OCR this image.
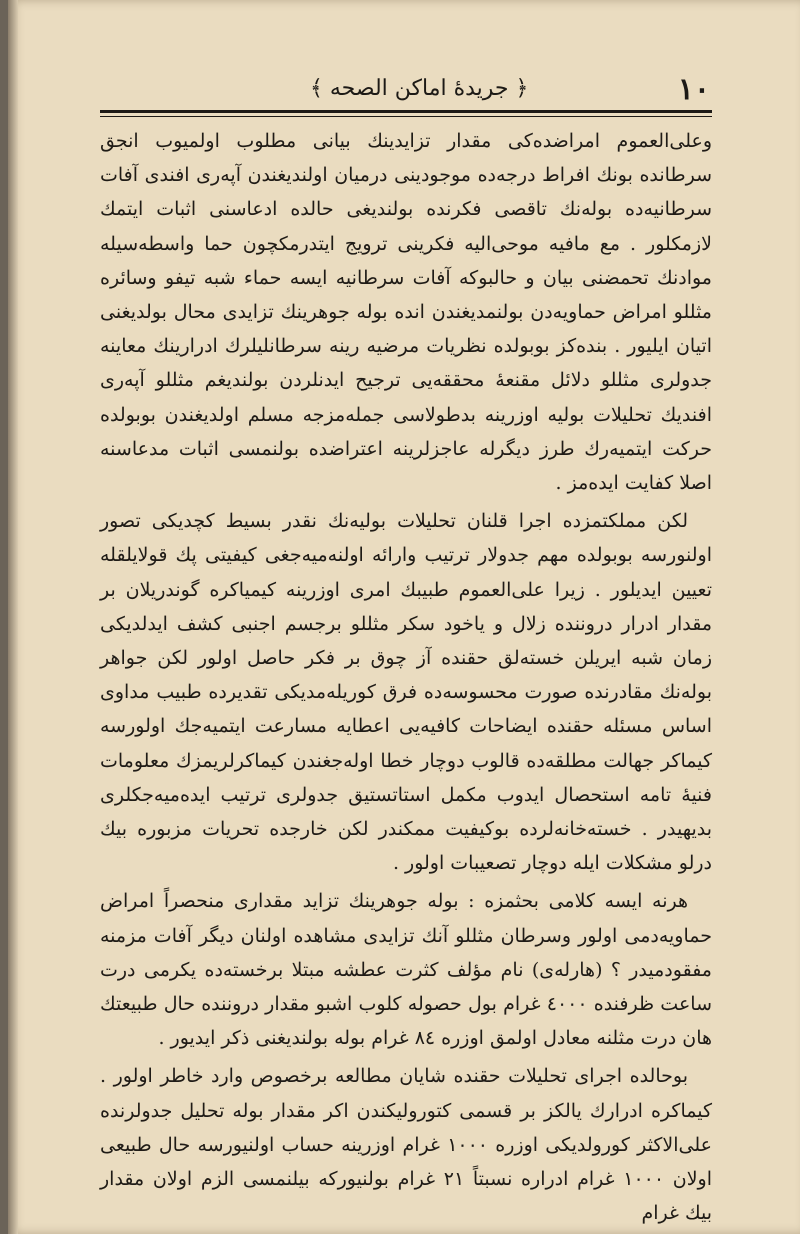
١٠
﴿ جريدهٔ اماكن الصحه ﴾

وعلى‌العموم امراضده‌كى مقدار تزايدينك بيانى مطلوب اولميوب انجق سرطانده بونك افراط درجه‌ده موجودينى درميان اولنديغندن آپه‌رى افندى آفات سرطانيه‌ده بوله‌نك تاقصى فكرنده بولنديغى حالده ادعاسنى اثبات ايتمك لازمكلور . مع مافيه موحى‌اليه فكرينى ترويج ايتدرمكچون حما واسطه‌سيله موادنك تحمضنى بيان و حالبوكه آفات سرطانيه ايسه حماء شبه تيفو وسائره مثللو امراض حماويه‌دن بولنمديغندن انده بوله جوهرينك تزايدى محال بولديغنى اتيان ايليور . بنده‌كز بوبولده نظريات مرضيه رينه سرطانليلرك ادرارينك معاينه جدولرى مثللو دلائل مقنعهٔ محققه‌يى ترجيح ايدنلردن بولنديغم مثللو آپه‌رى افنديك تحليلات بوليه اوزرينه بدطولاسى جمله‌مزجه مسلم اولديغندن بوبولده حركت ايتميه‌رك طرز ديگرله عاجزلرينه اعتراضده بولنمسى اثبات مدعاسنه اصلا كفايت ايده‌مز .

لكن مملكتمزده اجرا قلنان تحليلات بوليه‌نك نقدر بسيط كچديكى تصور اولنورسه بوبولده مهم جدولار ترتيب وارائه اولنه‌ميه‌جغى كيفيتى پك قولايلقله تعيين ايديلور . زيرا على‌العموم طبيبك امرى اوزرينه كيمياكره گوندريلان بر مقدار ادرار دروننده زلال و ياخود سكر مثللو برجسم اجنبى كشف ايدلديكى زمان شبه ايريلن خسته‌لق حقنده آز چوق بر فكر حاصل اولور لكن جواهر بوله‌نك مقادرنده صورت محسوسه‌ده فرق كوريله‌مديكى تقديرده طبيب مداوى اساس مسئله حقنده ايضاحات كافيه‌يى اعطايه مسارعت ايتميه‌جك اولورسه كيماكر جهالت مطلقه‌ده قالوب دوچار خطا اوله‌جغندن كيماكرلريمزك معلومات فنيهٔ تامه استحصال ايدوب مكمل استاتستيق جدولرى ترتيب ايده‌ميه‌جكلرى بديهيدر . خسته‌خانه‌لرده بوكيفيت ممكندر لكن خارجده تحريات مزبوره بيك درلو مشكلات ايله دوچار تصعيبات اولور .

هرنه ايسه كلامى بحثمزه : بوله جوهرينك تزايد مقدارى منحصراً امراض حماويه‌دمى اولور وسرطان مثللو آنك تزايدى مشاهده اولنان ديگر آفات مزمنه مفقودميدر ؟ (هارله‌ى) نام مؤلف كثرت عطشه مبتلا برخسته‌ده يكرمى درت ساعت ظرفنده ٤٠٠٠ غرام بول حصوله كلوب اشبو مقدار دروننده حال طبيعتك هان درت مثلنه معادل اولمق اوزره ٨٤ غرام بوله بولنديغنى ذكر ايديور .

بوحالده اجراى تحليلات حقنده شايان مطالعه برخصوص وارد خاطر اولور . كيماكره ادرارك يالكز بر قسمى كتوروليكندن اكر مقدار بوله تحليل جدولرنده على‌الاكثر كورولديكى اوزره ١٠٠٠ غرام اوزرينه حساب اولنيورسه حال طبيعى اولان ١٠٠٠ غرام ادراره نسبتاً ٢١ غرام بولنيوركه بيلنمسى الزم اولان مقدار بيك غرام
